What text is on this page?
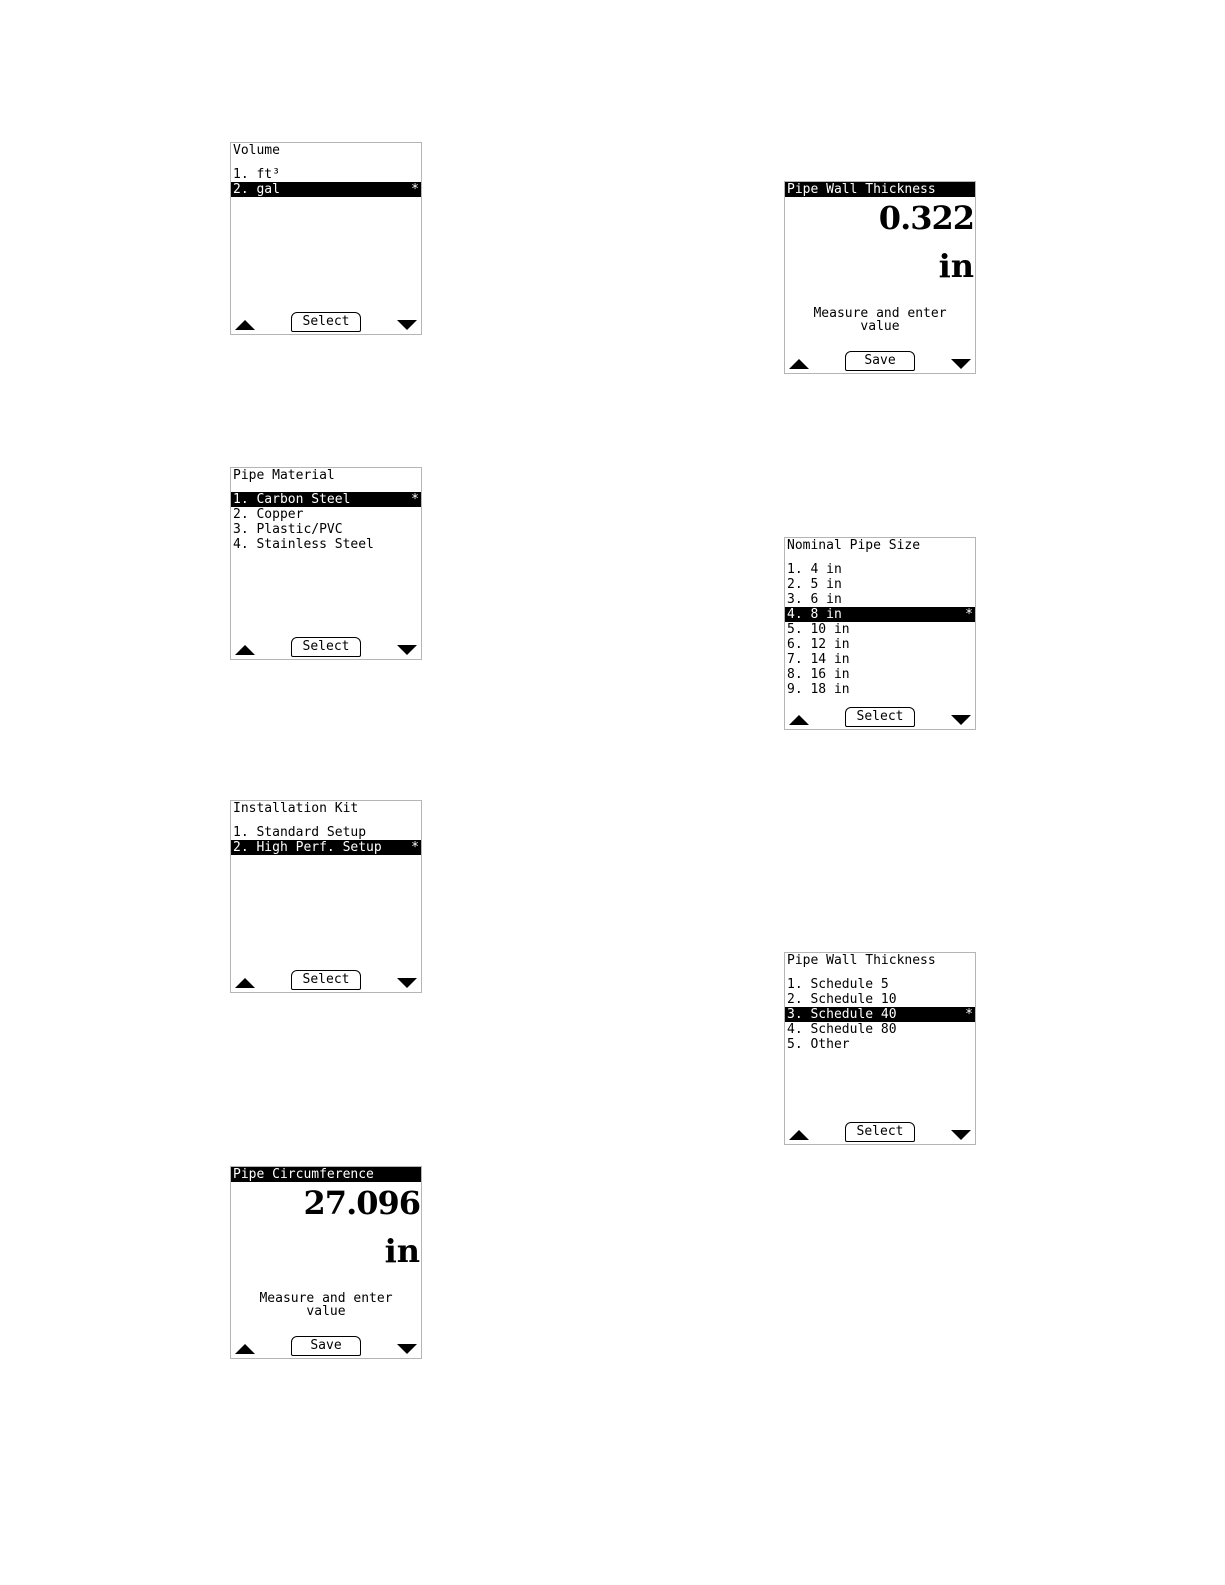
Volume
1. ft³
2. gal	*
Select
Pipe Material
1. Carbon Steel	*
2. Copper
3. Plastic/PVC
4. Stainless Steel
Select
Installation Kit
1. Standard Setup
2. High Perf. Setup *
Select
Pipe Circumference
27.096
in
Measure and enter
value
Save
Pipe Wall Thickness
0.322
in
Measure and enter
value
Save
Nominal Pipe Size
1. 4 in
2. 5 in
3. 6 in
4. 8 in	*
5. 10 in
6. 12 in
7. 14 in
8. 16 in
9. 18 in
Select
Pipe Wall Thickness
1. Schedule 5
2. Schedule 10
3. Schedule 40	*
4. Schedule 80
5. Other
Select
